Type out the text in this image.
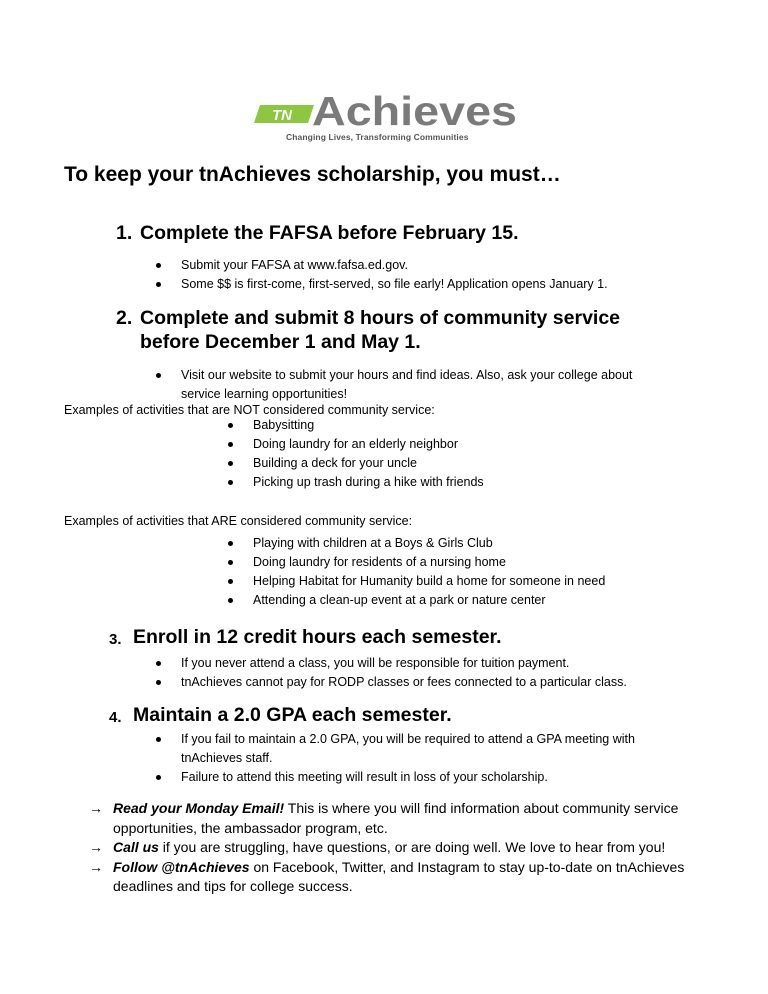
TN Achieves
Changing Lives, Transforming Communities
To keep your tnAchieves scholarship, you must…
1. Complete the FAFSA before February 15.
Submit your FAFSA at www.fafsa.ed.gov.
Some $$ is first-come, first-served, so file early! Application opens January 1.
2. Complete and submit 8 hours of community service before December 1 and May 1.
Visit our website to submit your hours and find ideas. Also, ask your college about service learning opportunities!

Examples of activities that are NOT considered community service:

Babysitting
Doing laundry for an elderly neighbor
Building a deck for your uncle
Picking up trash during a hike with friends

Examples of activities that ARE considered community service:

Playing with children at a Boys & Girls Club
Doing laundry for residents of a nursing home
Helping Habitat for Humanity build a home for someone in need
Attending a clean-up event at a park or nature center
3. Enroll in 12 credit hours each semester.
If you never attend a class, you will be responsible for tuition payment.
tnAchieves cannot pay for RODP classes or fees connected to a particular class.
4. Maintain a 2.0 GPA each semester.
If you fail to maintain a 2.0 GPA, you will be required to attend a GPA meeting with tnAchieves staff.
Failure to attend this meeting will result in loss of your scholarship.
→ Read your Monday Email! This is where you will find information about community service opportunities, the ambassador program, etc.
→ Call us if you are struggling, have questions, or are doing well. We love to hear from you!
→ Follow @tnAchieves on Facebook, Twitter, and Instagram to stay up-to-date on tnAchieves deadlines and tips for college success.
